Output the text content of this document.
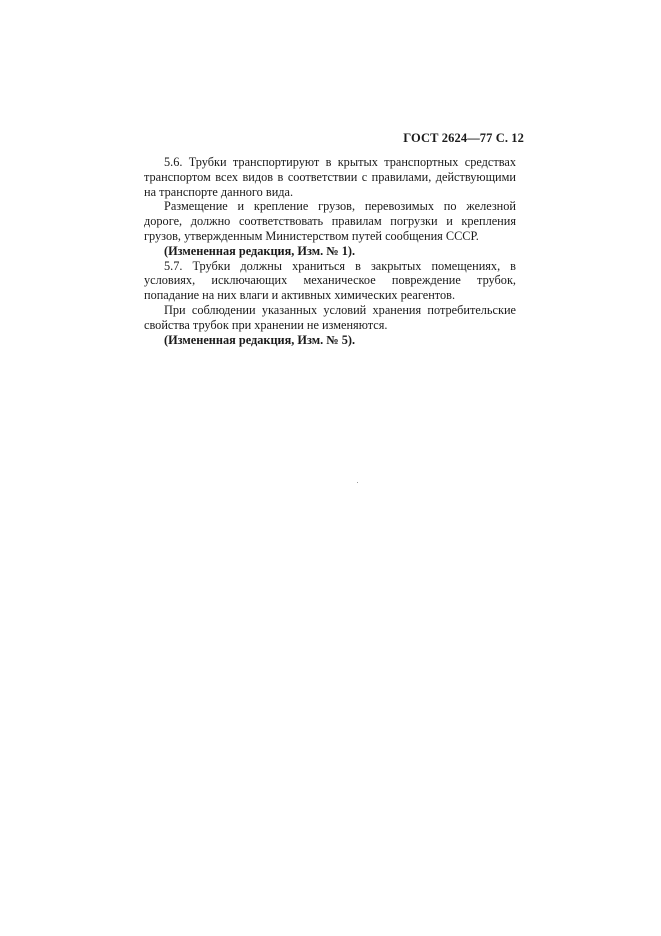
ГОСТ 2624—77 С. 12

5.6. Трубки транспортируют в крытых транспортных средствах транспортом всех видов в соответствии с правилами, действующими на транспорте данного вида.

Размещение и крепление грузов, перевозимых по железной дороге, должно соответствовать правилам погрузки и крепления грузов, утвержденным Министерством путей сообщения СССР.

(Измененная редакция, Изм. № 1).

5.7. Трубки должны храниться в закрытых помещениях, в условиях, исключающих механическое повреждение трубок, попадание на них влаги и активных химических реагентов.

При соблюдении указанных условий хранения потребительские свойства трубок при хранении не изменяются.

(Измененная редакция, Изм. № 5).
